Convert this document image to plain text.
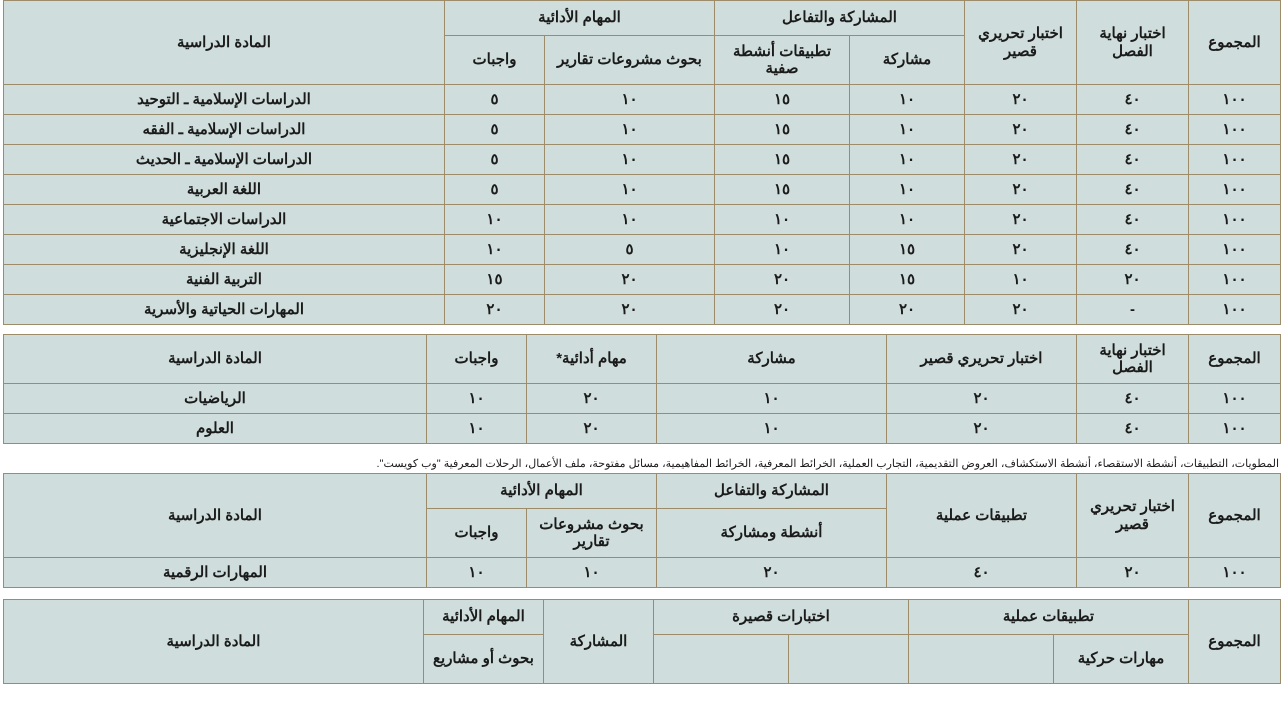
المجموع	اختبار نهاية الفصل	اختبار تحريري قصير	المشاركة والتفاعل		المهام الأدائية		المادة الدراسية
			مشاركة	تطبيقات أنشطة صفية	بحوث مشروعات تقارير	واجبات	
١٠٠	٤٠	٢٠	١٠	١٥	١٠	٥	الدراسات الإسلامية ـ التوحيد
١٠٠	٤٠	٢٠	١٠	١٥	١٠	٥	الدراسات الإسلامية ـ الفقه
١٠٠	٤٠	٢٠	١٠	١٥	١٠	٥	الدراسات الإسلامية ـ الحديث
١٠٠	٤٠	٢٠	١٠	١٥	١٠	٥	اللغة العربية
١٠٠	٤٠	٢٠	١٠	١٠	١٠	١٠	الدراسات الاجتماعية
١٠٠	٤٠	٢٠	١٥	١٠	٥	١٠	اللغة الإنجليزية
١٠٠	٢٠	١٠	١٥	٢٠	٢٠	١٥	التربية الفنية
١٠٠	-	٢٠	٢٠	٢٠	٢٠	٢٠	المهارات الحياتية والأسرية
المجموع	اختبار نهاية الفصل	اختبار تحريري قصير	مشاركة	مهام أدائية*	واجبات	المادة الدراسية
١٠٠	٤٠	٢٠	١٠	٢٠	١٠	الرياضيات
١٠٠	٤٠	٢٠	١٠	٢٠	١٠	العلوم
المطويات، التطبيقات، أنشطة الاستقصاء، أنشطة الاستكشاف، العروض التقديمية، التجارب العملية، الخرائط المعرفية، الخرائط المفاهيمية، مسائل مفتوحة، ملف الأعمال، الرحلات المعرفية "وب كويست".
المجموع	اختبار تحريري قصير	تطبيقات عملية	المشاركة والتفاعل	المهام الأدائية		المادة الدراسية
			أنشطة ومشاركة	بحوث مشروعات تقارير	واجبات	
١٠٠	٢٠	٤٠	٢٠	١٠	١٠	المهارات الرقمية
المجموع	تطبيقات عملية		اختبارات قصيرة		المشاركة	المهام الأدائية	المادة الدراسية
	مهارات حركية					بحوث أو مشاريع	
